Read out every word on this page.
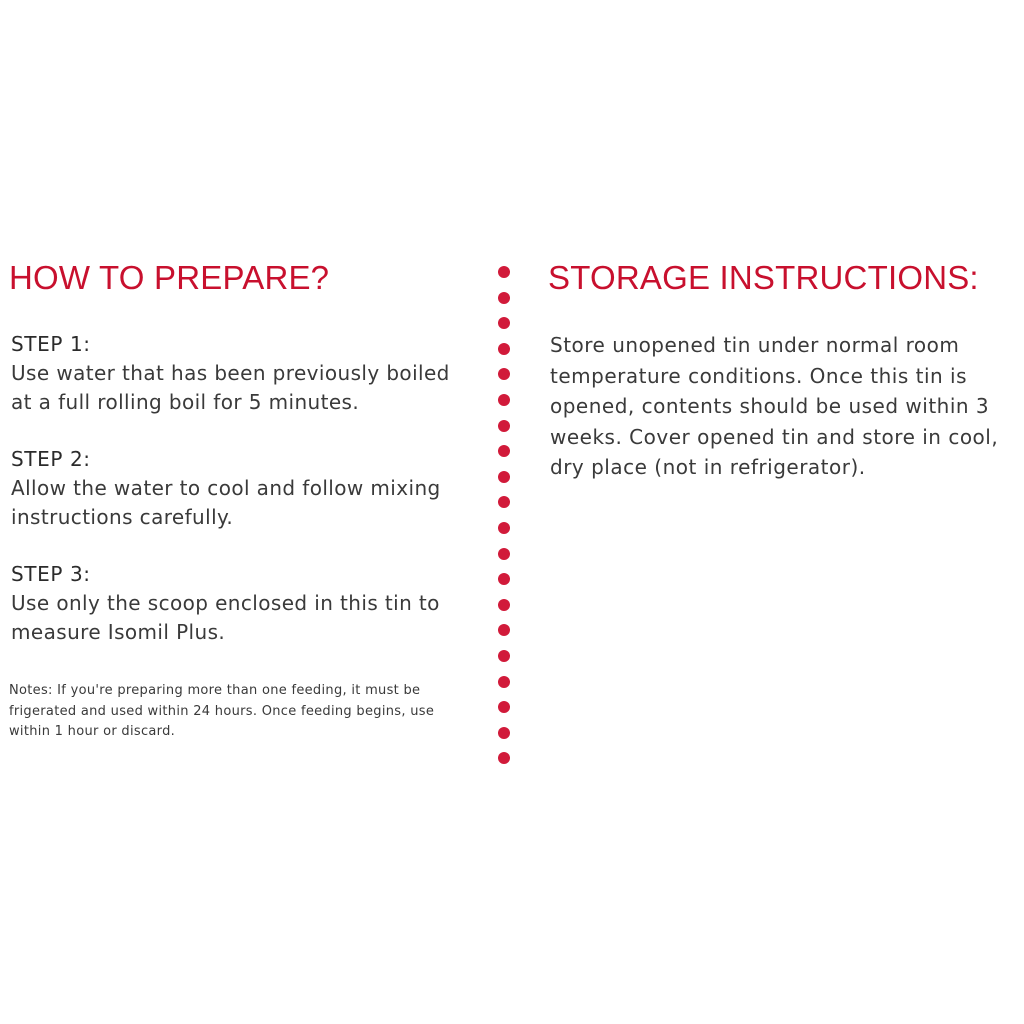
HOW TO PREPARE?
STEP 1:
Use water that has been previously boiled
at a full rolling boil for 5 minutes.
STEP 2:
Allow the water to cool and follow mixing
instructions carefully.
STEP 3:
Use only the scoop enclosed in this tin to
measure Isomil Plus.
Notes: If you're preparing more than one feeding, it must be
frigerated and used within 24 hours. Once feeding begins, use
within 1 hour or discard.
STORAGE INSTRUCTIONS:
Store unopened tin under normal room
temperature conditions. Once this tin is
opened, contents should be used within 3
weeks. Cover opened tin and store in cool,
dry place (not in refrigerator).
